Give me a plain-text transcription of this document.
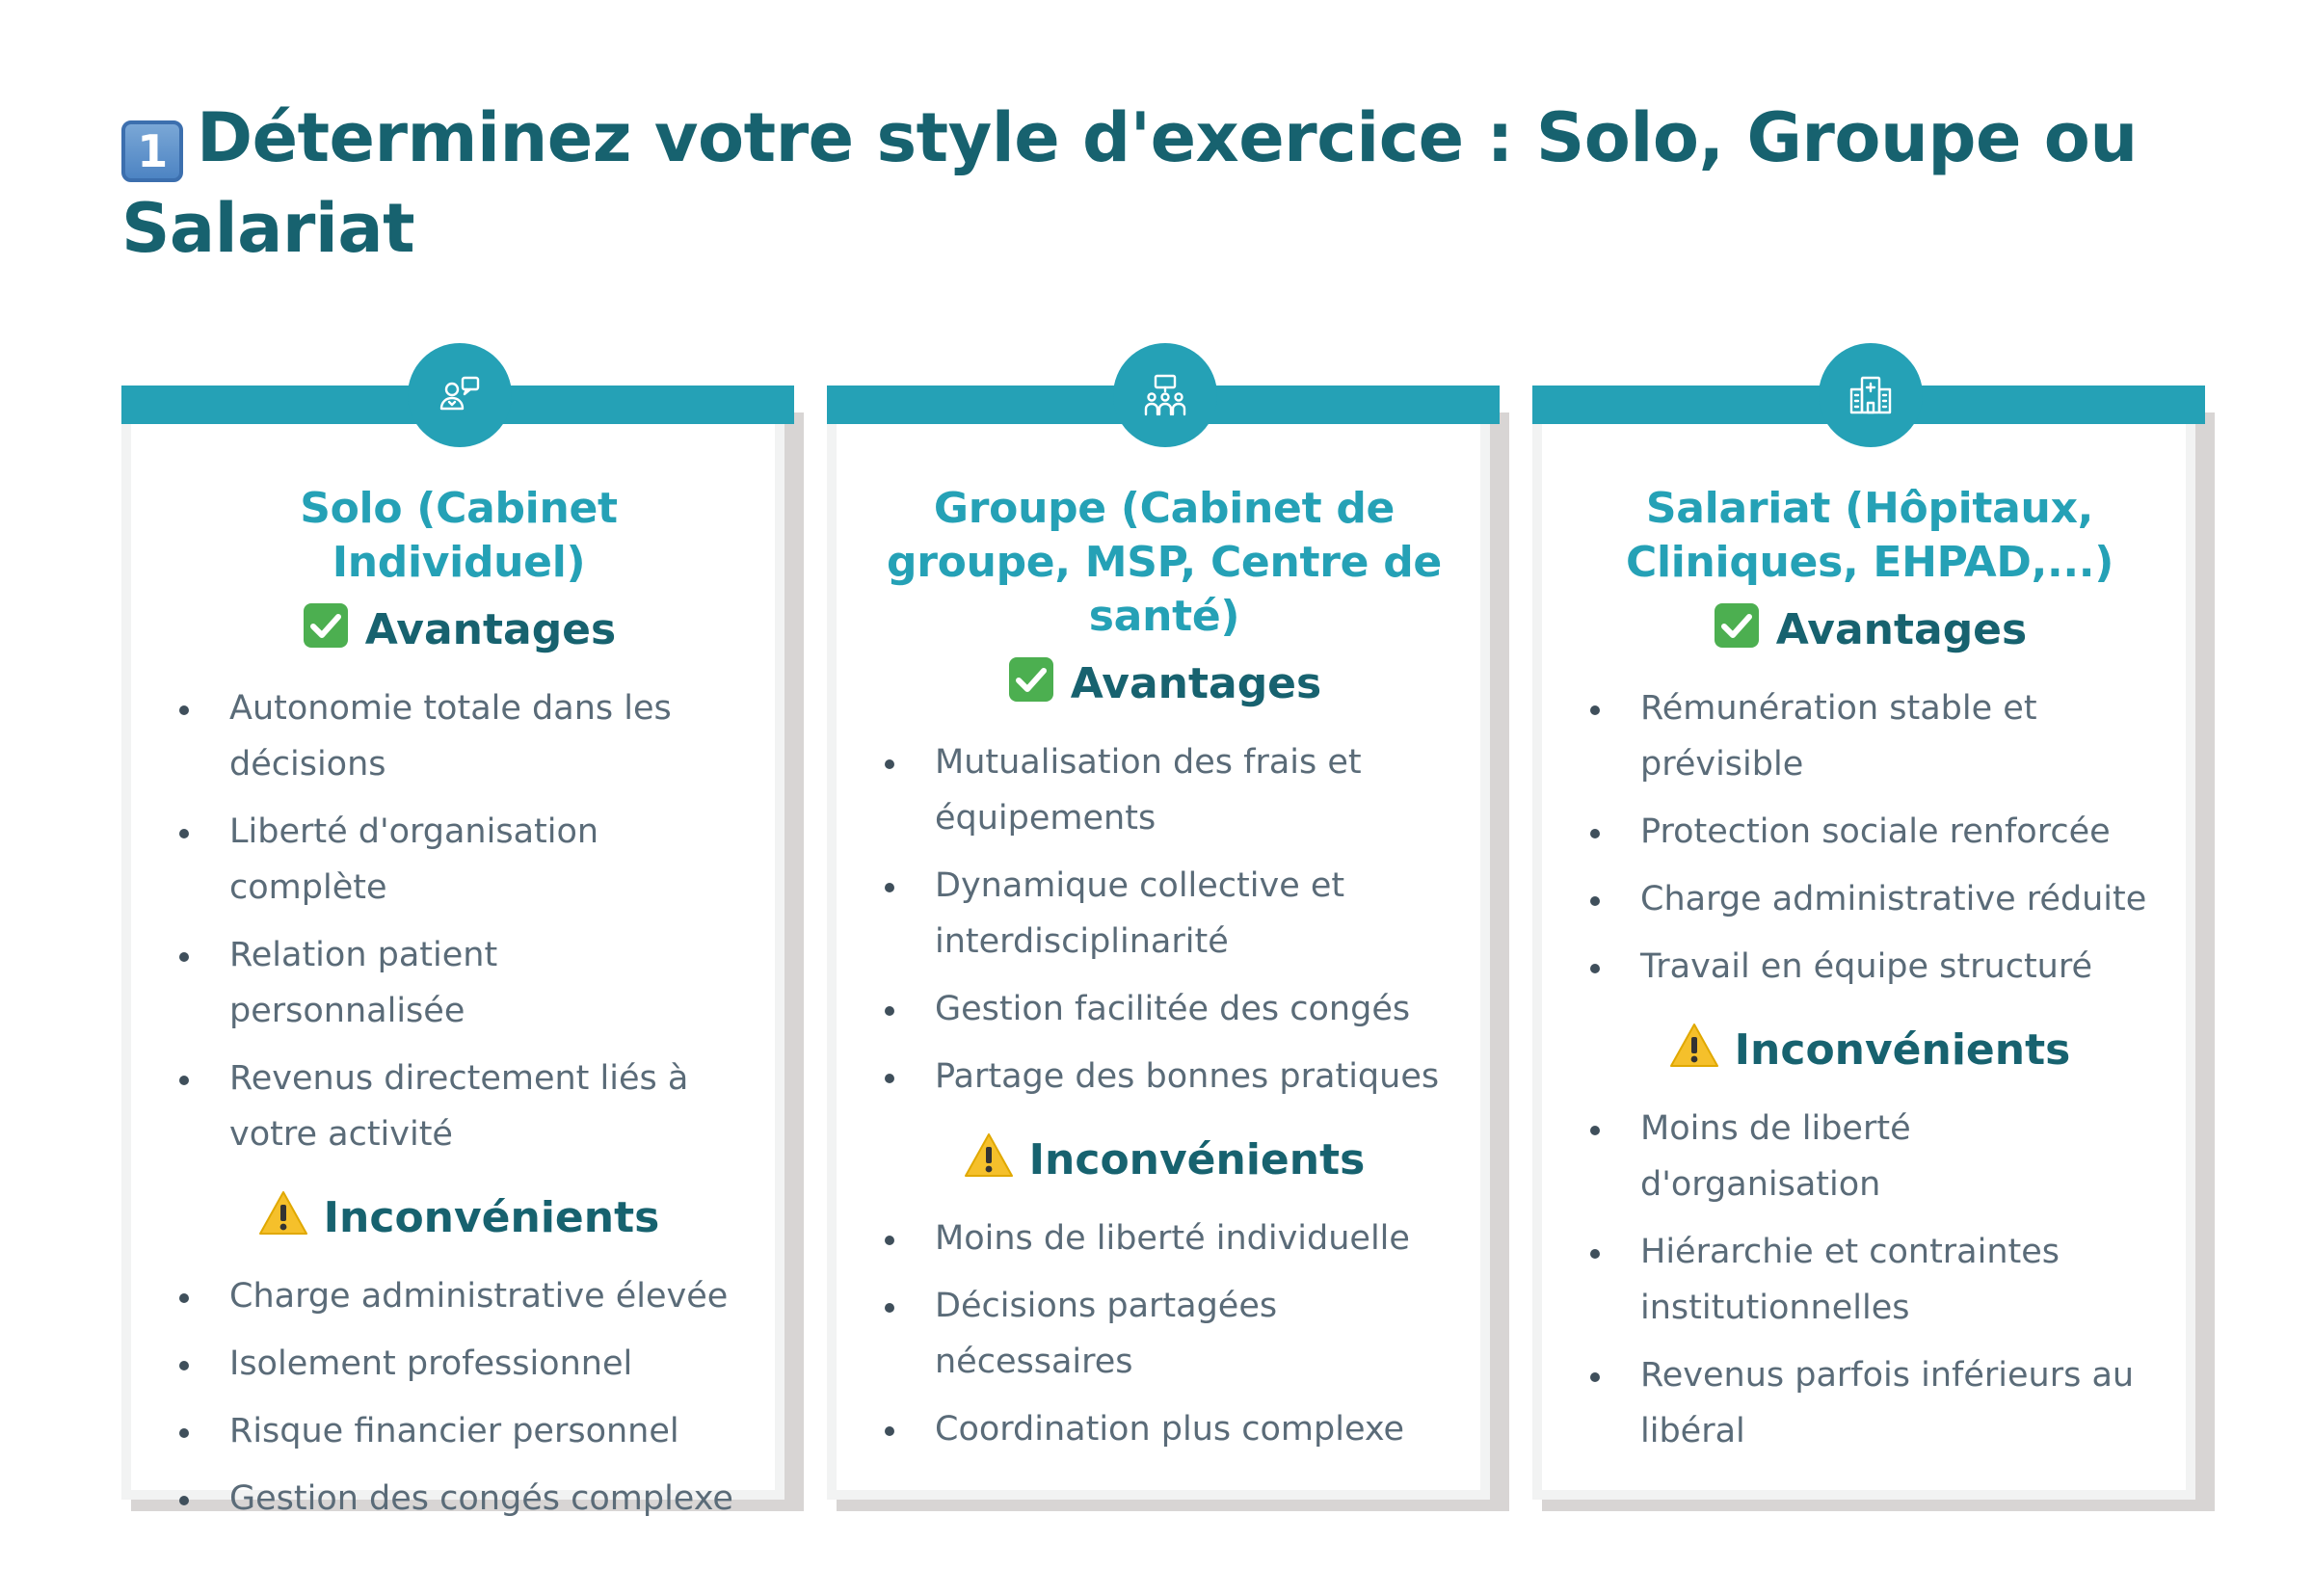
1 Déterminez votre style d'exercice : Solo, Groupe ou Salariat
Solo (Cabinet Individuel)
Avantages
Autonomie totale dans les décisions
Liberté d'organisation complète
Relation patient personnalisée
Revenus directement liés à votre activité
Inconvénients
Charge administrative élevée
Isolement professionnel
Risque financier personnel
Gestion des congés complexe
Groupe (Cabinet de groupe, MSP, Centre de santé)
Avantages
Mutualisation des frais et équipements
Dynamique collective et interdisciplinarité
Gestion facilitée des congés
Partage des bonnes pratiques
Inconvénients
Moins de liberté individuelle
Décisions partagées nécessaires
Coordination plus complexe
Salariat (Hôpitaux, Cliniques, EHPAD,...)
Avantages
Rémunération stable et prévisible
Protection sociale renforcée
Charge administrative réduite
Travail en équipe structuré
Inconvénients
Moins de liberté d'organisation
Hiérarchie et contraintes institutionnelles
Revenus parfois inférieurs au libéral
